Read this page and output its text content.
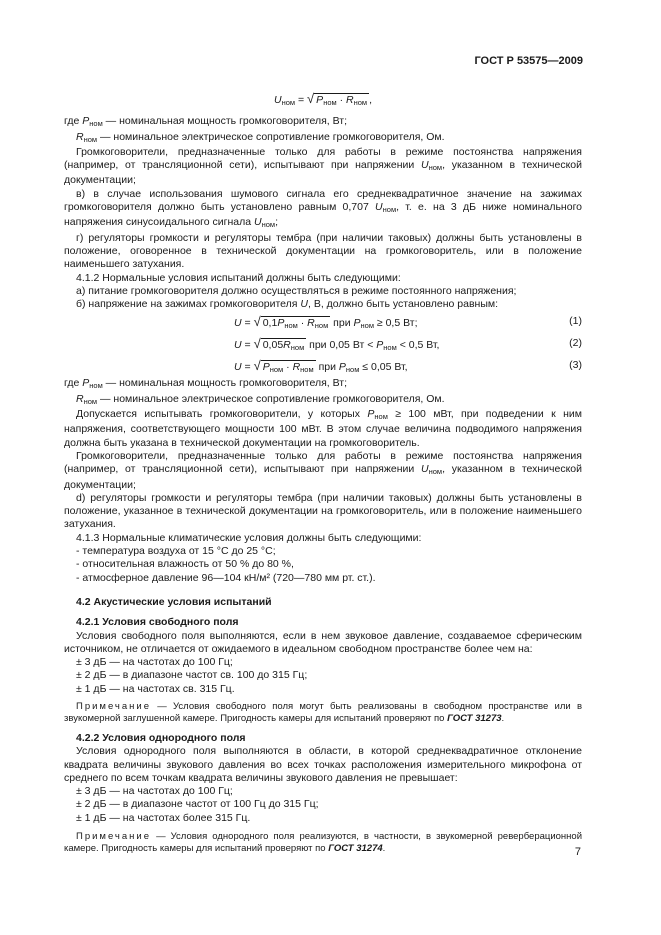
ГОСТ Р 53575—2009

$U_{ном}$ = √ $P_{ном} \cdot R_{ном}$ ,

где $P_{ном}$ — номинальная мощность громкоговорителя, Вт;

$R_{ном}$ — номинальное электрическое сопротивление громкоговорителя, Ом.

Громкоговорители, предназначенные только для работы в режиме постоянства напряжения (например, от трансляционной сети), испытывают при напряжении $U_{ном}$, указанном в технической документации;

в) в случае использования шумового сигнала его среднеквадратичное значение на зажимах громкоговорителя должно быть установлено равным 0,707 $U_{ном}$, т. е. на 3 дБ ниже номинального напряжения синусоидального сигнала $U_{ном}$;

г) регуляторы громкости и регуляторы тембра (при наличии таковых) должны быть установлены в положение, оговоренное в технической документации на громкоговоритель, или в положение наименьшего затухания.

4.1.2 Нормальные условия испытаний должны быть следующими:

а) питание громкоговорителя должно осуществляться в режиме постоянного напряжения;

б) напряжение на зажимах громкоговорителя U, В, должно быть установлено равным:

U = √ $0,1P_{ном} \cdot R_{ном}$ при $P_{ном} \ge 0,5$ Вт;	(1)
U = √ $0,05R_{ном}$ при 0,05 Вт < $P_{ном} < 0,5$ Вт,	(2)
U = √ $P_{ном} \cdot R_{ном}$ при $P_{ном} \le 0,05$ Вт,	(3)

где $P_{ном}$ — номинальная мощность громкоговорителя, Вт;

$R_{ном}$ — номинальное электрическое сопротивление громкоговорителя, Ом.

Допускается испытывать громкоговорители, у которых $P_{ном} \ge 100$ мВт, при подведении к ним напряжения, соответствующего мощности 100 мВт. В этом случае величина подводимого напряжения должна быть указана в технической документации на громкоговоритель.

Громкоговорители, предназначенные только для работы в режиме постоянства напряжения (например, от трансляционной сети), испытывают при напряжении $U_{ном}$, указанном в технической документации;

d) регуляторы громкости и регуляторы тембра (при наличии таковых) должны быть установлены в положение, указанное в технической документации на громкоговоритель, или в положение наименьшего затухания.

4.1.3 Нормальные климатические условия должны быть следующими:

- температура воздуха от 15 °С до 25 °С;

- относительная влажность от 50 % до 80 %,

- атмосферное давление 96—104 кН/м² (720—780 мм рт. ст.).

4.2 Акустические условия испытаний

4.2.1 Условия свободного поля

Условия свободного поля выполняются, если в нем звуковое давление, создаваемое сферическим источником, не отличается от ожидаемого в идеальном свободном пространстве более чем на:

± 3 дБ — на частотах до 100 Гц;

± 2 дБ — в диапазоне частот св. 100 до 315 Гц;

± 1 дБ — на частотах св. 315 Гц.

Примечание — Условия свободного поля могут быть реализованы в свободном пространстве или в звукомерной заглушенной камере. Пригодность камеры для испытаний проверяют по ГОСТ 31273.

4.2.2 Условия однородного поля

Условия однородного поля выполняются в области, в которой среднеквадратичное отклонение квадрата величины звукового давления во всех точках расположения измерительного микрофона от среднего по всем точкам квадрата величины звукового давления не превышает:

± 3 дБ — на частотах до 100 Гц;

± 2 дБ — в диапазоне частот от 100 Гц до 315 Гц;

± 1 дБ — на частотах более 315 Гц.

Примечание — Условия однородного поля реализуются, в частности, в звукомерной реверберационной камере. Пригодность камеры для испытаний проверяют по ГОСТ 31274.	7
